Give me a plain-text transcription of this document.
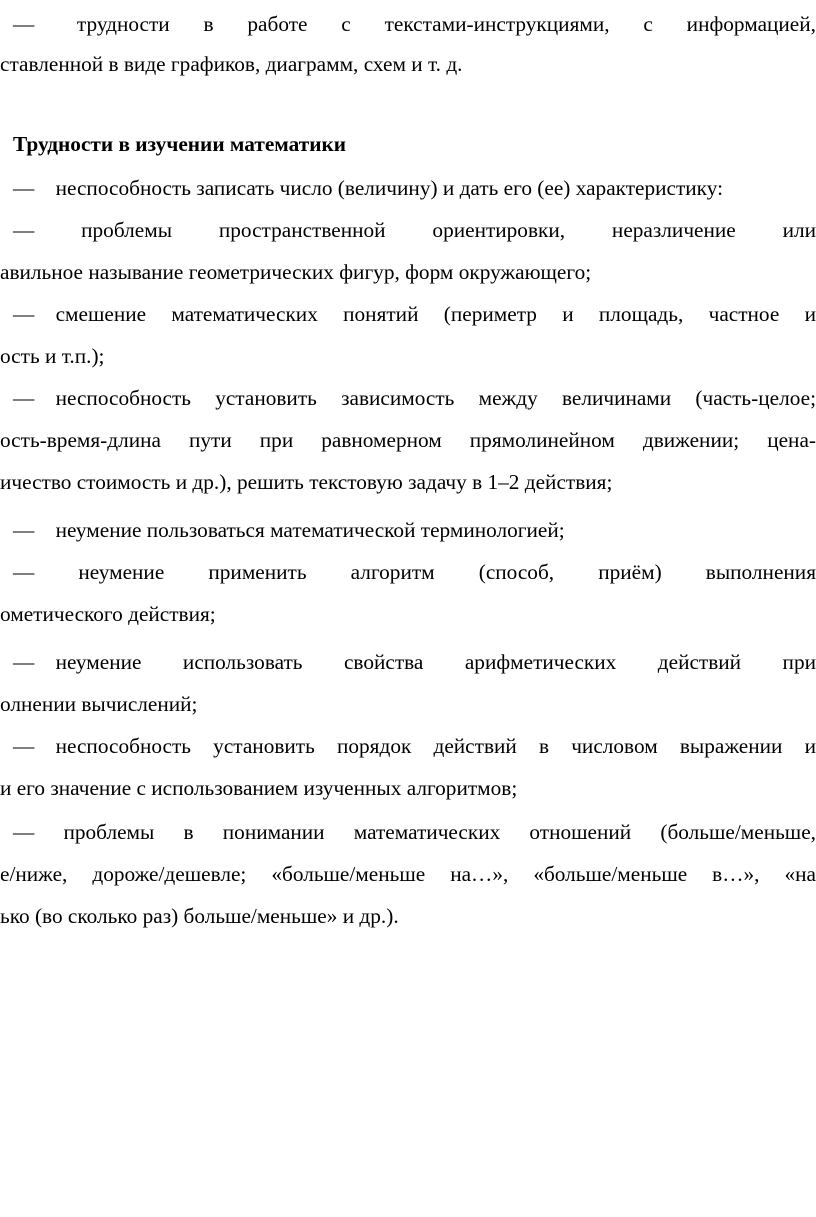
—  трудности в работе с текстами-инструкциями, с информацией,
ставленной в виде графиков, диаграмм, схем и т. д.
Трудности в изучении математики
— неспособность записать число (величину) и дать его (ее) характеристику:
— проблемы пространственной ориентировки, неразличение или
авильное называние геометрических фигур, форм окружающего;
— смешение математических понятий (периметр и площадь, частное и
ость и т.п.);
— неспособность установить зависимость между величинами (часть-целое;
ость-время-длина пути при равномерном прямолинейном движении; цена-
ичество стоимость и др.), решить текстовую задачу в 1–2 действия;
— неумение пользоваться математической терминологией;
— неумение применить алгоритм (способ, приём) выполнения
ометического действия;
— неумение использовать свойства арифметических действий при
олнении вычислений;
— неспособность установить порядок действий в числовом выражении и
и его значение с использованием изученных алгоритмов;
— проблемы в понимании математических отношений (больше/меньше,
е/ниже, дороже/дешевле; «больше/меньше на…», «больше/меньше в…», «на
ько (во сколько раз) больше/меньше» и др.).
